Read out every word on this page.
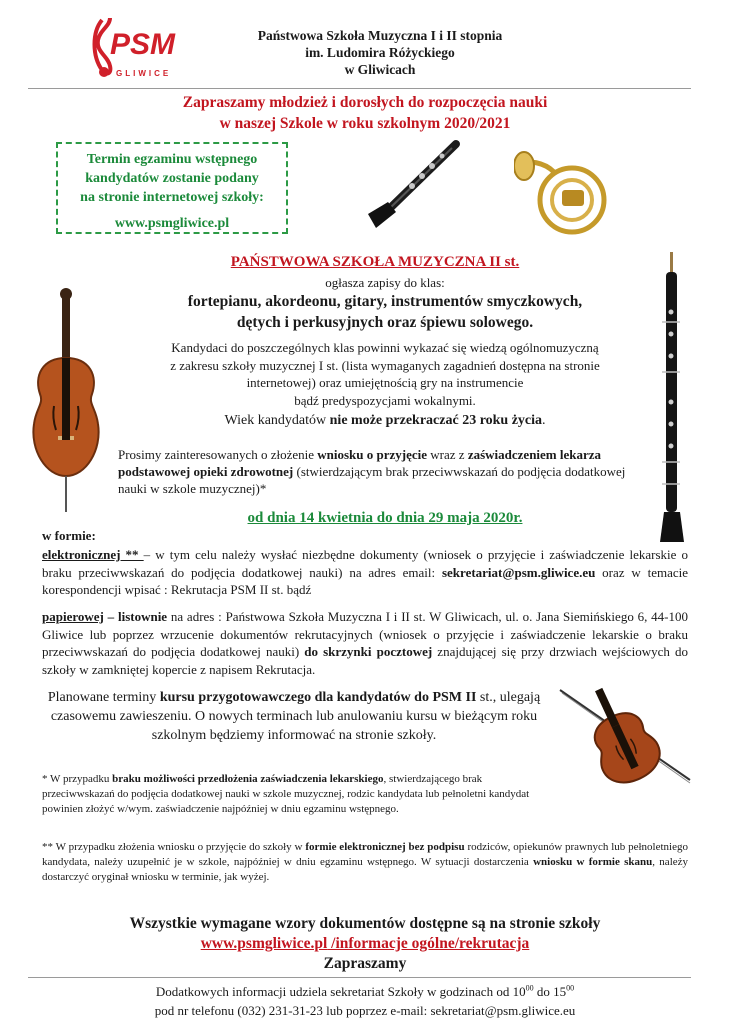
PSM
GLIWICE
Państwowa Szkoła Muzyczna I i II stopnia
im. Ludomira Różyckiego
w Gliwicach
Zapraszamy młodzież i dorosłych do rozpoczęcia nauki
w naszej Szkole w roku szkolnym 2020/2021
Termin egzaminu wstępnego
kandydatów zostanie podany
na stronie internetowej szkoły:
www.psmgliwice.pl
PAŃSTWOWA SZKOŁA MUZYCZNA II st.
ogłasza zapisy do klas:
fortepianu, akordeonu, gitary, instrumentów smyczkowych,
dętych i perkusyjnych oraz śpiewu solowego.
Kandydaci do poszczególnych klas powinni wykazać się wiedzą ogólnomuzyczną
z zakresu szkoły muzycznej I st. (lista wymaganych zagadnień dostępna na stronie
internetowej) oraz umiejętnością gry na instrumencie
bądź predyspozycjami wokalnymi.
Wiek kandydatów nie może przekraczać 23 roku życia.
Prosimy zainteresowanych o złożenie wniosku o przyjęcie wraz z zaświadczeniem lekarza podstawowej opieki zdrowotnej (stwierdzającym brak przeciwwskazań do podjęcia dodatkowej nauki w szkole muzycznej)*
od dnia 14 kwietnia do dnia 29 maja 2020r.
w formie:
elektronicznej ** – w tym celu należy wysłać niezbędne dokumenty (wniosek o przyjęcie i zaświadczenie lekarskie o braku przeciwwskazań do podjęcia dodatkowej nauki) na adres email: sekretariat@psm.gliwice.eu oraz w temacie korespondencji wpisać : Rekrutacja PSM II st. bądź
papierowej – listownie na adres : Państwowa Szkoła Muzyczna I i II st. W Gliwicach, ul. o. Jana Siemińskiego 6, 44-100 Gliwice lub poprzez wrzucenie dokumentów rekrutacyjnych (wniosek o przyjęcie i zaświadczenie lekarskie o braku przeciwwskazań do podjęcia dodatkowej nauki) do skrzynki pocztowej znajdującej się przy drzwiach wejściowych do szkoły w zamkniętej kopercie z napisem Rekrutacja.
Planowane terminy kursu przygotowawczego dla kandydatów do PSM II st., ulegają czasowemu zawieszeniu. O nowych terminach lub anulowaniu kursu w bieżącym roku szkolnym będziemy informować na stronie szkoły.
* W przypadku braku możliwości przedłożenia zaświadczenia lekarskiego, stwierdzającego brak przeciwwskazań do podjęcia dodatkowej nauki w szkole muzycznej, rodzic kandydata lub pełnoletni kandydat powinien złożyć w/wym. zaświadczenie najpóźniej w dniu egzaminu wstępnego.
** W przypadku złożenia wniosku o przyjęcie do szkoły w formie elektronicznej bez podpisu rodziców, opiekunów prawnych lub pełnoletniego kandydata, należy uzupełnić je w szkole, najpóźniej w dniu egzaminu wstępnego. W sytuacji dostarczenia wniosku w formie skanu, należy dostarczyć oryginał wniosku w terminie, jak wyżej.
Wszystkie wymagane wzory dokumentów dostępne są na stronie szkoły
www.psmgliwice.pl /informacje ogólne/rekrutacja
Zapraszamy
Dodatkowych informacji udziela sekretariat Szkoły w godzinach od $10^{00}$ do $15^{00}$
pod nr telefonu (032) 231-31-23 lub poprzez e-mail: sekretariat@psm.gliwice.eu
